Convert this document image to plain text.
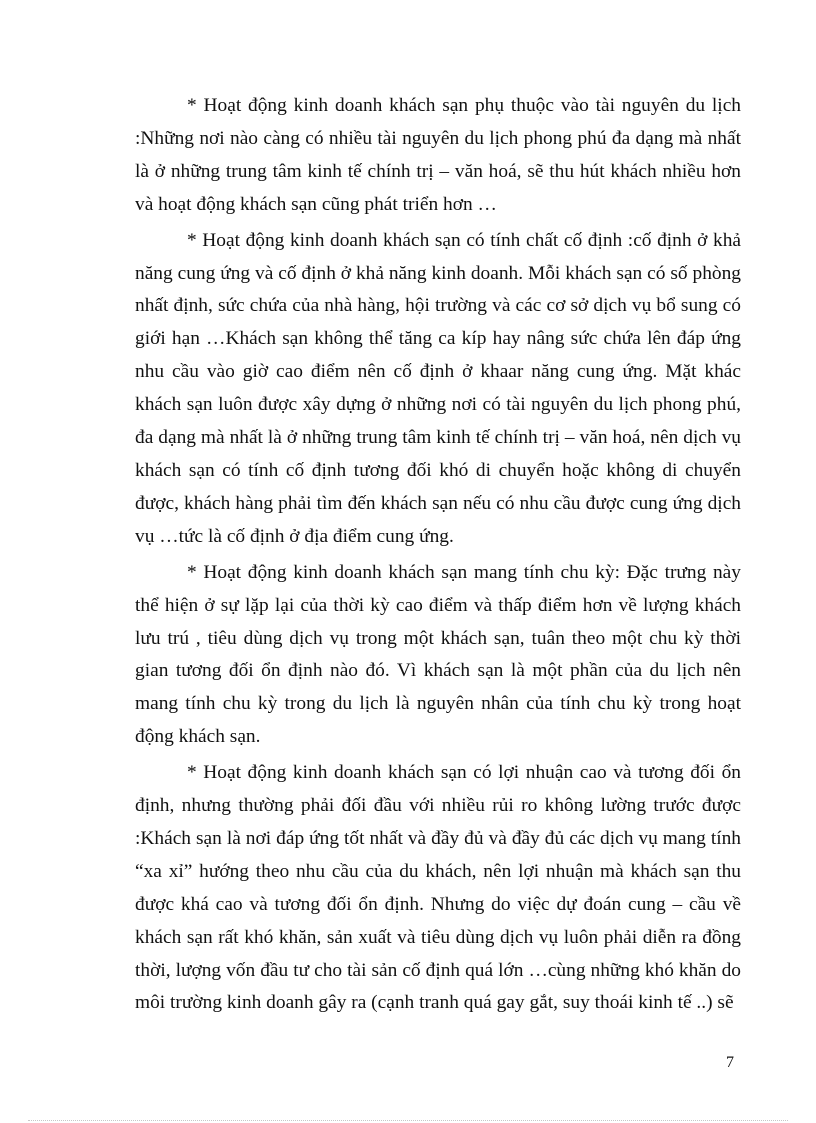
* Hoạt động kinh doanh khách sạn phụ thuộc vào tài nguyên du lịch :Những nơi nào càng có nhiều tài nguyên du lịch phong phú đa dạng mà nhất là ở những trung tâm kinh tế chính trị – văn hoá, sẽ thu hút khách nhiều hơn và hoạt động khách sạn cũng phát triển hơn …

* Hoạt động kinh doanh khách sạn có tính chất cố định :cố định ở khả năng cung ứng và cố định ở khả năng kinh doanh. Mỗi khách sạn có số phòng nhất định, sức chứa của nhà hàng, hội trường và các cơ sở dịch vụ bổ sung có giới hạn …Khách sạn không thể tăng ca kíp hay nâng sức chứa lên đáp ứng nhu cầu vào giờ cao điểm nên cố định ở khaar năng cung ứng. Mặt khác khách sạn luôn được xây dựng ở những nơi có tài nguyên du lịch phong phú, đa dạng mà nhất là ở những trung tâm kinh tế chính trị – văn hoá, nên dịch vụ khách sạn có tính cố định tương đối khó di chuyển hoặc không di chuyển được, khách hàng phải tìm đến khách sạn nếu có nhu cầu được cung ứng dịch vụ …tức là cố định ở địa điểm cung ứng.

* Hoạt động kinh doanh khách sạn mang tính chu kỳ: Đặc trưng này thể hiện ở sự lặp lại của thời kỳ cao điểm và thấp điểm hơn về lượng khách lưu trú , tiêu dùng dịch vụ trong một khách sạn, tuân theo một chu kỳ thời gian tương đối ổn định nào đó. Vì khách sạn là một phần của du lịch nên mang tính chu kỳ trong du lịch là nguyên nhân của tính chu kỳ trong hoạt động khách sạn.

* Hoạt động kinh doanh khách sạn có lợi nhuận cao và tương đối ổn định, nhưng thường phải đối đầu với nhiều rủi ro không lường trước được :Khách sạn là nơi đáp ứng tốt nhất và đầy đủ và đầy đủ các dịch vụ mang tính “xa xỉ” hướng theo nhu cầu của du khách, nên lợi nhuận mà khách sạn thu được khá cao và tương đối ổn định. Nhưng do việc dự đoán cung – cầu về khách sạn rất khó khăn, sản xuất và tiêu dùng dịch vụ luôn phải diễn ra đồng thời, lượng vốn đầu tư cho tài sản cố định quá lớn …cùng những khó khăn do môi trường kinh doanh gây ra (cạnh tranh quá gay gắt, suy thoái kinh tế ..) sẽ

7
